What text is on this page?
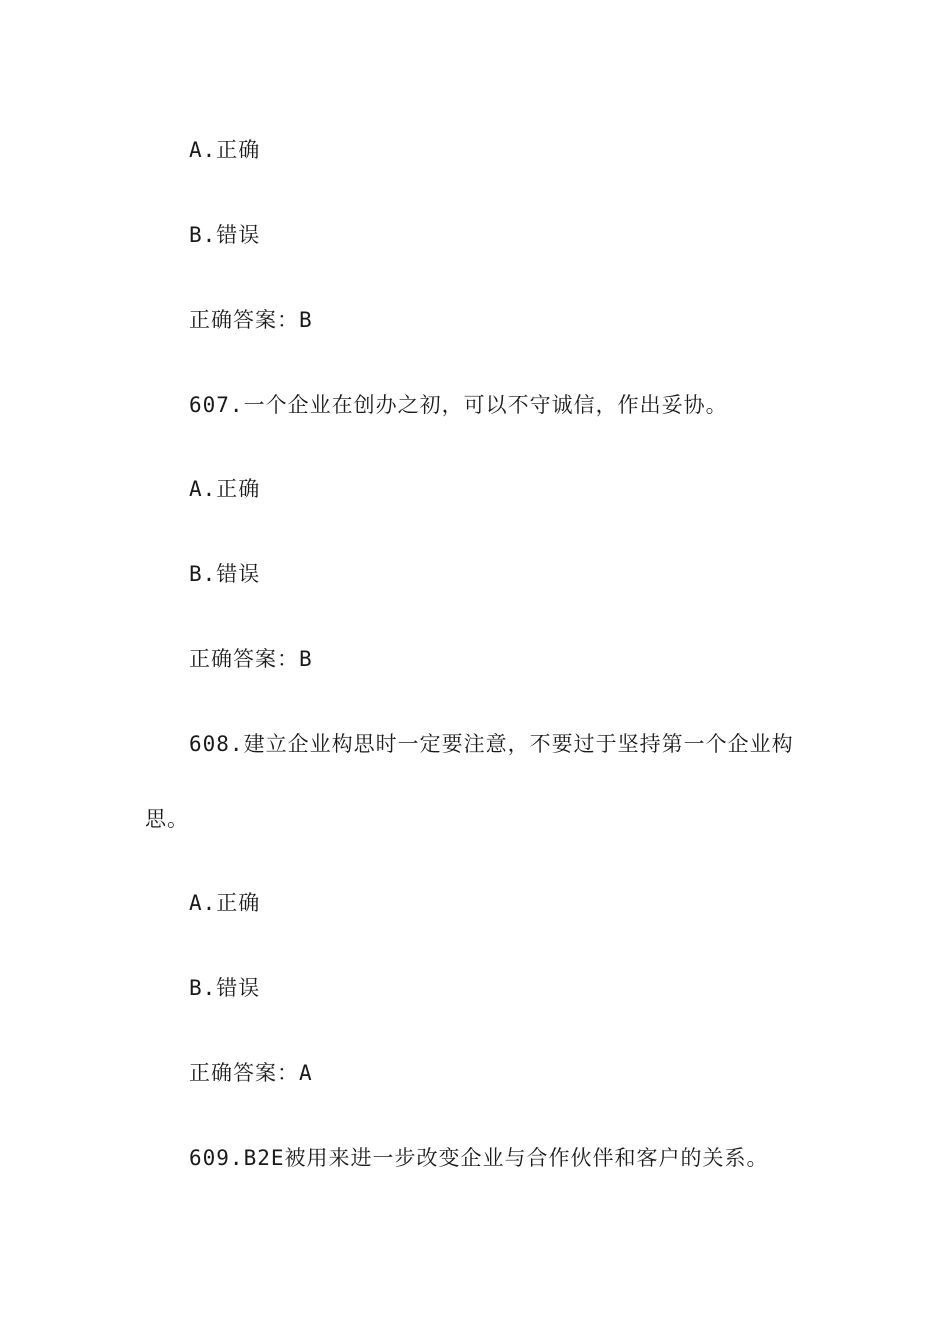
A.正确
B.错误
正确答案：B
607.一个企业在创办之初，可以不守诚信，作出妥协。
A.正确
B.错误
正确答案：B
608.建立企业构思时一定要注意，不要过于坚持第一个企业构
思。
A.正确
B.错误
正确答案：A
609.B2E被用来进一步改变企业与合作伙伴和客户的关系。
